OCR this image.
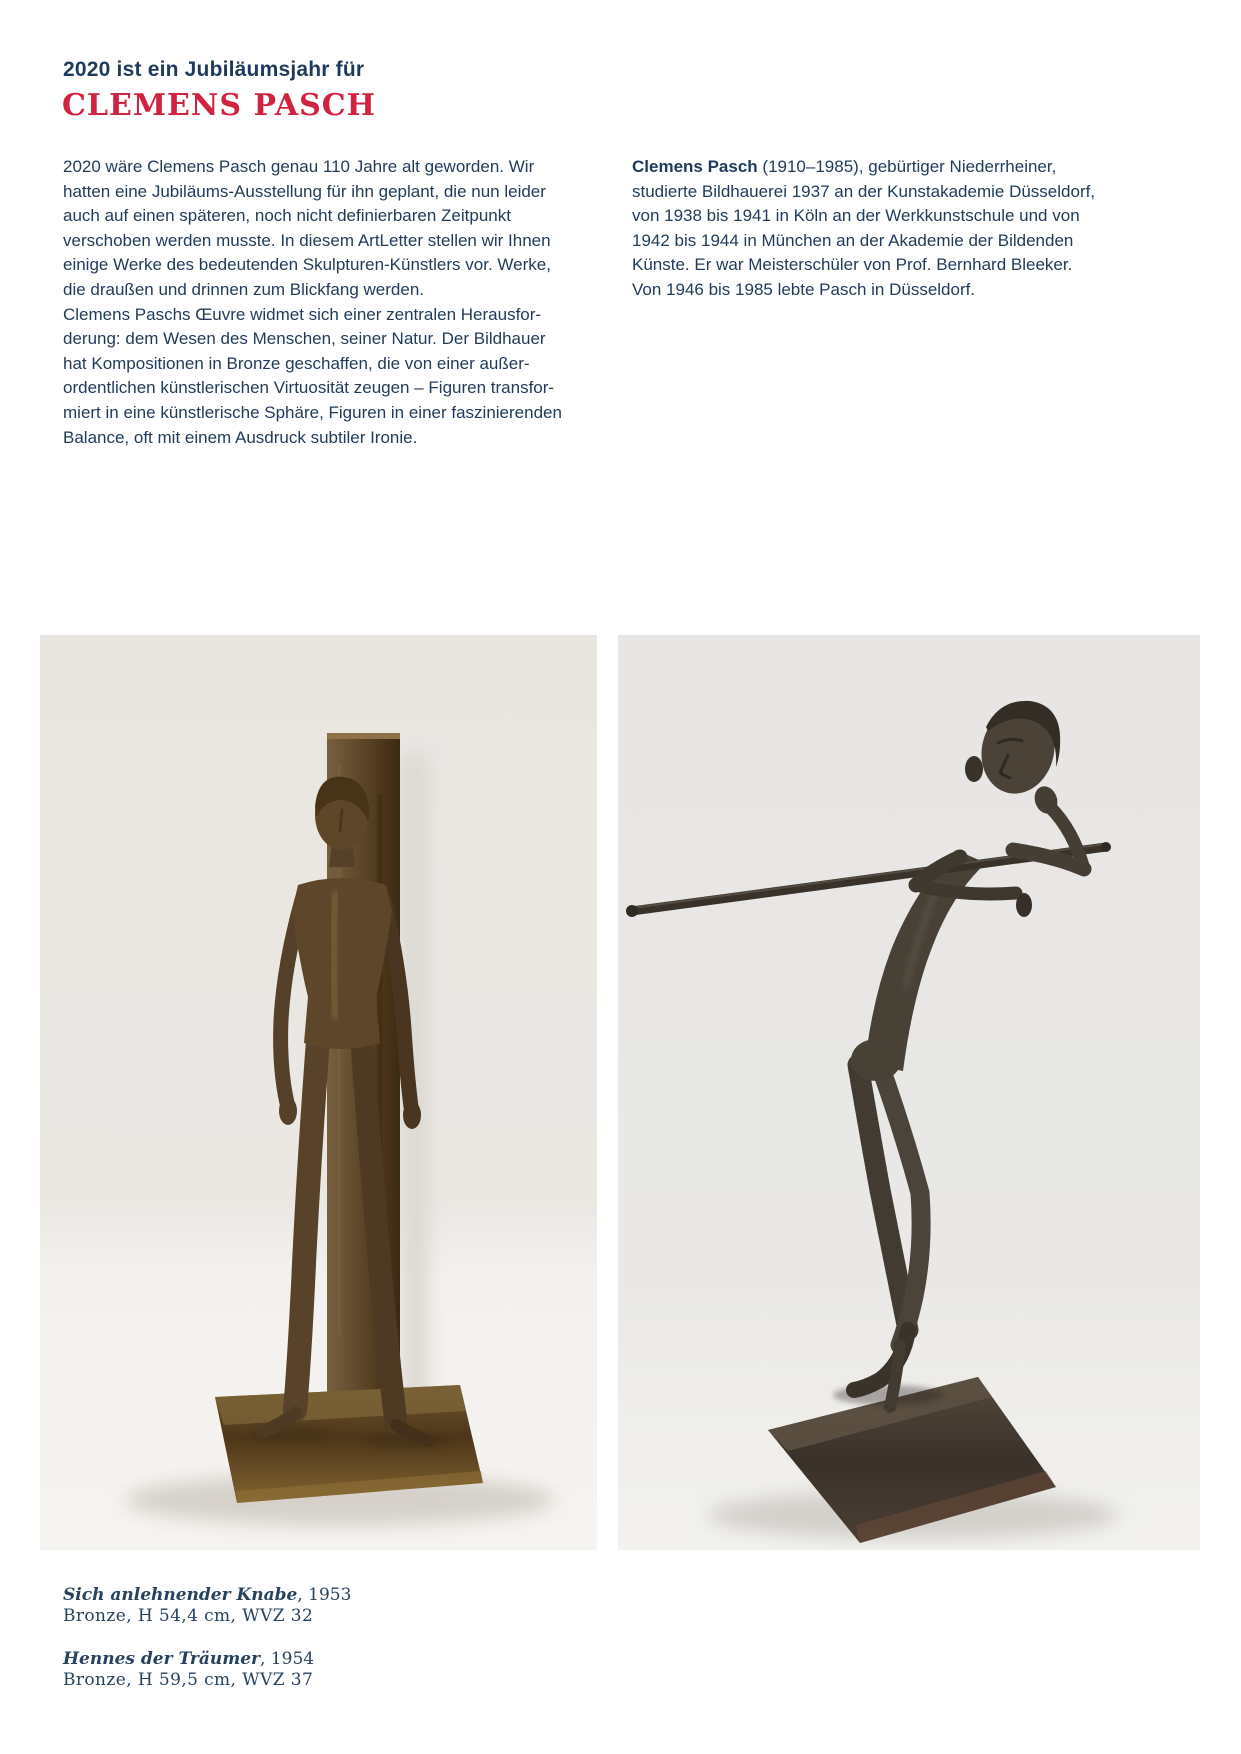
2020 ist ein Jubiläumsjahr für
CLEMENS PASCH
2020 wäre Clemens Pasch genau 110 Jahre alt geworden. Wir
hatten eine Jubiläums-Ausstellung für ihn geplant, die nun leider
auch auf einen späteren, noch nicht definierbaren Zeitpunkt
verschoben werden musste. In diesem ArtLetter stellen wir Ihnen
einige Werke des bedeutenden Skulpturen-Künstlers vor. Werke,
die draußen und drinnen zum Blickfang werden.
Clemens Paschs Œuvre widmet sich einer zentralen Herausfor-
derung: dem Wesen des Menschen, seiner Natur. Der Bildhauer
hat Kompositionen in Bronze geschaffen, die von einer außer-
ordentlichen künstlerischen Virtuosität zeugen – Figuren transfor-
miert in eine künstlerische Sphäre, Figuren in einer faszinierenden
Balance, oft mit einem Ausdruck subtiler Ironie.
Clemens Pasch (1910–1985), gebürtiger Niederrheiner,
studierte Bildhauerei 1937 an der Kunstakademie Düsseldorf,
von 1938 bis 1941 in Köln an der Werkkunstschule und von
1942 bis 1944 in München an der Akademie der Bildenden
Künste. Er war Meisterschüler von Prof. Bernhard Bleeker.
Von 1946 bis 1985 lebte Pasch in Düsseldorf.
Sich anlehnender Knabe, 1953
Bronze, H 54,4 cm, WVZ 32
Hennes der Träumer, 1954
Bronze, H 59,5 cm, WVZ 37
